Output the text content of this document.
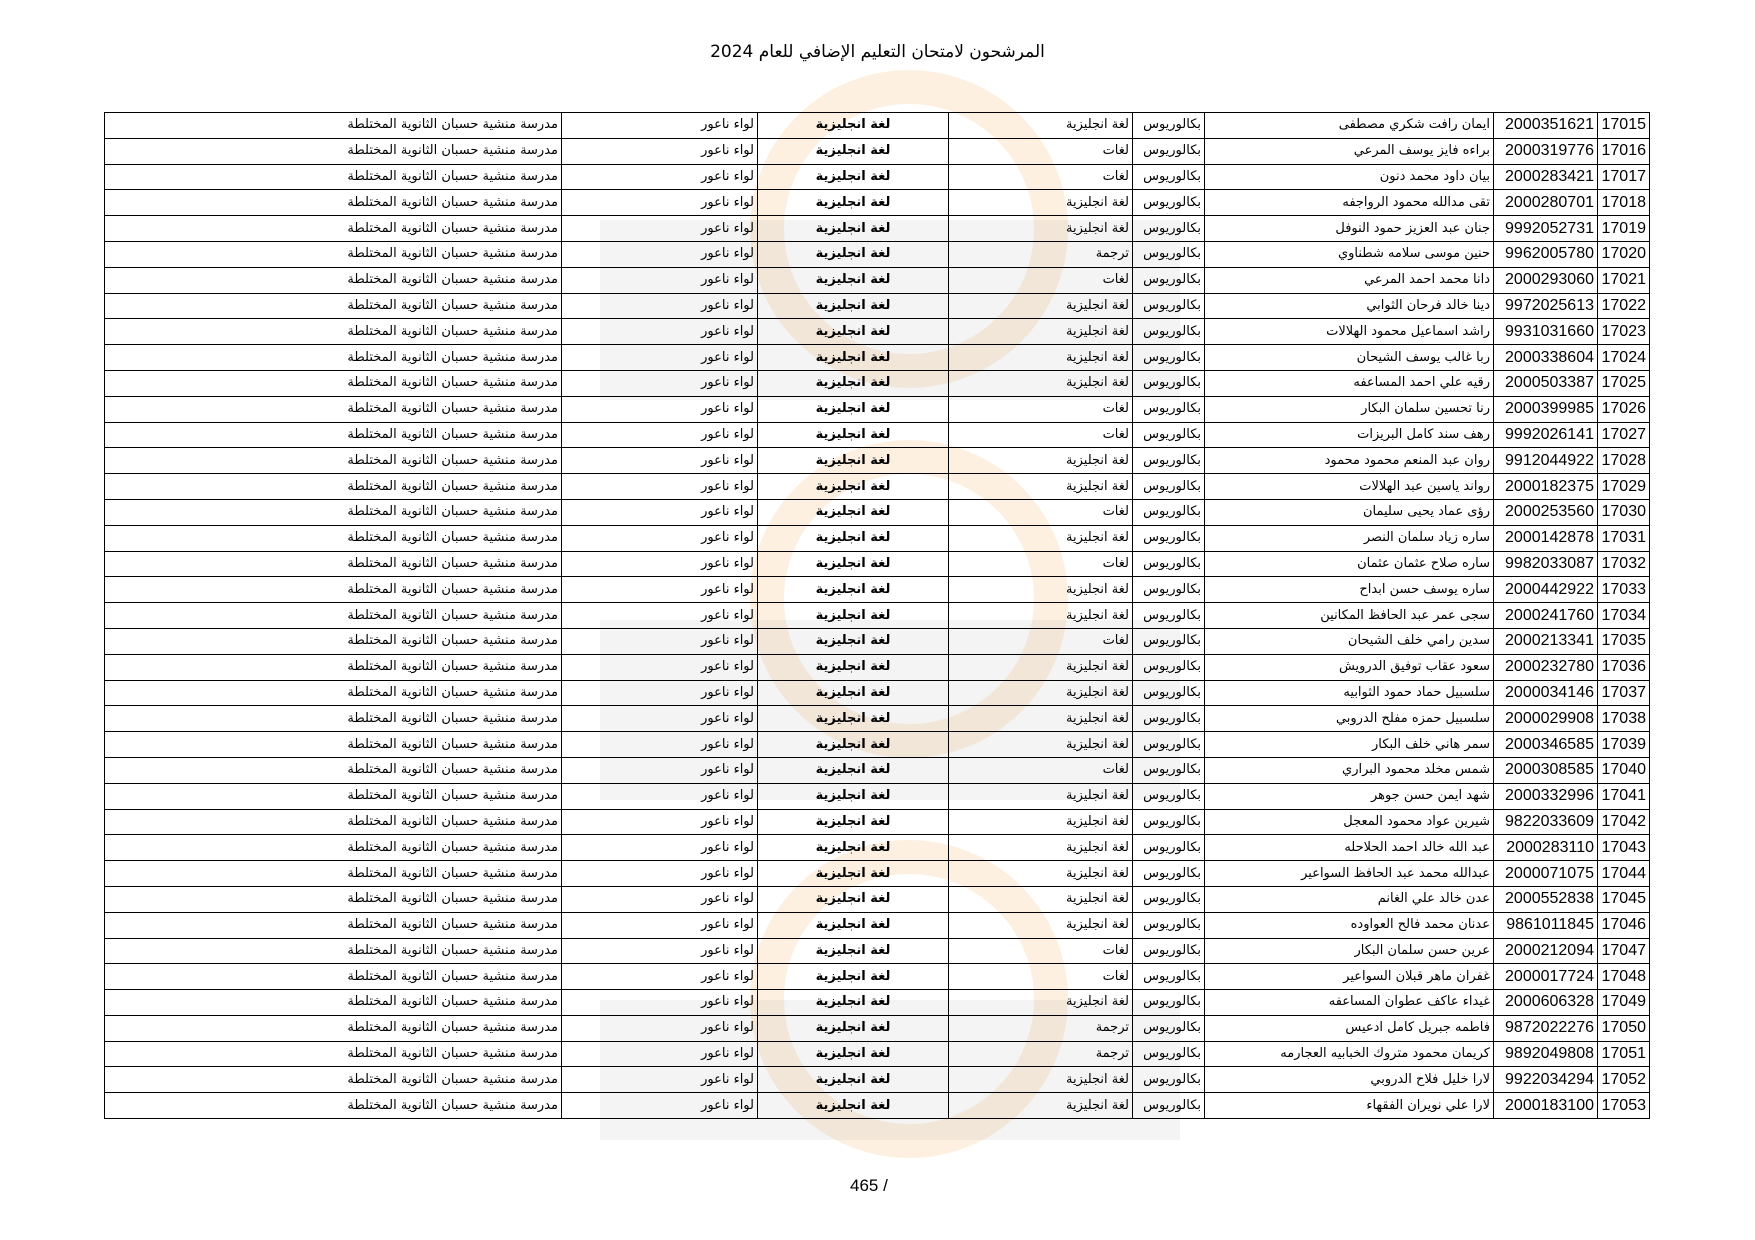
المرشحون لامتحان التعليم الإضافي للعام 2024
17015	2000351621	ايمان رافت شكري مصطفى	بكالوريوس	لغة انجليزية	لغة انجليزية	لواء ناعور	مدرسة منشية حسبان الثانوية المختلطة
17016	2000319776	براءه فايز يوسف المرعي	بكالوريوس	لغات	لغة انجليزية	لواء ناعور	مدرسة منشية حسبان الثانوية المختلطة
17017	2000283421	بيان داود محمد دنون	بكالوريوس	لغات	لغة انجليزية	لواء ناعور	مدرسة منشية حسبان الثانوية المختلطة
17018	2000280701	تقى مدالله محمود الرواجفه	بكالوريوس	لغة انجليزية	لغة انجليزية	لواء ناعور	مدرسة منشية حسبان الثانوية المختلطة
17019	9992052731	جنان عبد العزيز حمود النوفل	بكالوريوس	لغة انجليزية	لغة انجليزية	لواء ناعور	مدرسة منشية حسبان الثانوية المختلطة
17020	9962005780	حنين موسى سلامه شطناوي	بكالوريوس	ترجمة	لغة انجليزية	لواء ناعور	مدرسة منشية حسبان الثانوية المختلطة
17021	2000293060	دانا محمد احمد المرعي	بكالوريوس	لغات	لغة انجليزية	لواء ناعور	مدرسة منشية حسبان الثانوية المختلطة
17022	9972025613	دينا خالد فرحان الثوابي	بكالوريوس	لغة انجليزية	لغة انجليزية	لواء ناعور	مدرسة منشية حسبان الثانوية المختلطة
17023	9931031660	راشد اسماعيل محمود الهلالات	بكالوريوس	لغة انجليزية	لغة انجليزية	لواء ناعور	مدرسة منشية حسبان الثانوية المختلطة
17024	2000338604	ربا غالب يوسف الشيحان	بكالوريوس	لغة انجليزية	لغة انجليزية	لواء ناعور	مدرسة منشية حسبان الثانوية المختلطة
17025	2000503387	رقيه علي احمد المساعفه	بكالوريوس	لغة انجليزية	لغة انجليزية	لواء ناعور	مدرسة منشية حسبان الثانوية المختلطة
17026	2000399985	رنا تحسين سلمان البكار	بكالوريوس	لغات	لغة انجليزية	لواء ناعور	مدرسة منشية حسبان الثانوية المختلطة
17027	9992026141	رهف سند كامل البريزات	بكالوريوس	لغات	لغة انجليزية	لواء ناعور	مدرسة منشية حسبان الثانوية المختلطة
17028	9912044922	روان عبد المنعم محمود محمود	بكالوريوس	لغة انجليزية	لغة انجليزية	لواء ناعور	مدرسة منشية حسبان الثانوية المختلطة
17029	2000182375	رواند ياسين عبد الهلالات	بكالوريوس	لغة انجليزية	لغة انجليزية	لواء ناعور	مدرسة منشية حسبان الثانوية المختلطة
17030	2000253560	رؤى عماد يحيى سليمان	بكالوريوس	لغات	لغة انجليزية	لواء ناعور	مدرسة منشية حسبان الثانوية المختلطة
17031	2000142878	ساره زياد سلمان النصر	بكالوريوس	لغة انجليزية	لغة انجليزية	لواء ناعور	مدرسة منشية حسبان الثانوية المختلطة
17032	9982033087	ساره صلاح عثمان عثمان	بكالوريوس	لغات	لغة انجليزية	لواء ناعور	مدرسة منشية حسبان الثانوية المختلطة
17033	2000442922	ساره يوسف حسن ابداح	بكالوريوس	لغة انجليزية	لغة انجليزية	لواء ناعور	مدرسة منشية حسبان الثانوية المختلطة
17034	2000241760	سجى عمر عبد الحافظ المكانين	بكالوريوس	لغة انجليزية	لغة انجليزية	لواء ناعور	مدرسة منشية حسبان الثانوية المختلطة
17035	2000213341	سدين رامي خلف الشيحان	بكالوريوس	لغات	لغة انجليزية	لواء ناعور	مدرسة منشية حسبان الثانوية المختلطة
17036	2000232780	سعود عقاب توفيق الدرويش	بكالوريوس	لغة انجليزية	لغة انجليزية	لواء ناعور	مدرسة منشية حسبان الثانوية المختلطة
17037	2000034146	سلسبيل حماد حمود الثوابيه	بكالوريوس	لغة انجليزية	لغة انجليزية	لواء ناعور	مدرسة منشية حسبان الثانوية المختلطة
17038	2000029908	سلسبيل حمزه مفلح الدروبي	بكالوريوس	لغة انجليزية	لغة انجليزية	لواء ناعور	مدرسة منشية حسبان الثانوية المختلطة
17039	2000346585	سمر هاني خلف البكار	بكالوريوس	لغة انجليزية	لغة انجليزية	لواء ناعور	مدرسة منشية حسبان الثانوية المختلطة
17040	2000308585	شمس مخلد محمود البراري	بكالوريوس	لغات	لغة انجليزية	لواء ناعور	مدرسة منشية حسبان الثانوية المختلطة
17041	2000332996	شهد ايمن حسن جوهر	بكالوريوس	لغة انجليزية	لغة انجليزية	لواء ناعور	مدرسة منشية حسبان الثانوية المختلطة
17042	9822033609	شيرين عواد محمود المعجل	بكالوريوس	لغة انجليزية	لغة انجليزية	لواء ناعور	مدرسة منشية حسبان الثانوية المختلطة
17043	2000283110	عبد الله خالد احمد الحلاحله	بكالوريوس	لغة انجليزية	لغة انجليزية	لواء ناعور	مدرسة منشية حسبان الثانوية المختلطة
17044	2000071075	عبدالله محمد عبد الحافظ السواعير	بكالوريوس	لغة انجليزية	لغة انجليزية	لواء ناعور	مدرسة منشية حسبان الثانوية المختلطة
17045	2000552838	عدن خالد علي الغانم	بكالوريوس	لغة انجليزية	لغة انجليزية	لواء ناعور	مدرسة منشية حسبان الثانوية المختلطة
17046	9861011845	عدنان محمد فالح العواوده	بكالوريوس	لغة انجليزية	لغة انجليزية	لواء ناعور	مدرسة منشية حسبان الثانوية المختلطة
17047	2000212094	عرين حسن سلمان البكار	بكالوريوس	لغات	لغة انجليزية	لواء ناعور	مدرسة منشية حسبان الثانوية المختلطة
17048	2000017724	غفران ماهر قبلان السواعير	بكالوريوس	لغات	لغة انجليزية	لواء ناعور	مدرسة منشية حسبان الثانوية المختلطة
17049	2000606328	غيداء عاكف عطوان المساعفه	بكالوريوس	لغة انجليزية	لغة انجليزية	لواء ناعور	مدرسة منشية حسبان الثانوية المختلطة
17050	9872022276	فاطمه جبريل كامل ادعيس	بكالوريوس	ترجمة	لغة انجليزية	لواء ناعور	مدرسة منشية حسبان الثانوية المختلطة
17051	9892049808	كريمان محمود متروك الخبابيه العجارمه	بكالوريوس	ترجمة	لغة انجليزية	لواء ناعور	مدرسة منشية حسبان الثانوية المختلطة
17052	9922034294	لارا خليل فلاح الدروبي	بكالوريوس	لغة انجليزية	لغة انجليزية	لواء ناعور	مدرسة منشية حسبان الثانوية المختلطة
17053	2000183100	لارا علي نويران الفقهاء	بكالوريوس	لغة انجليزية	لغة انجليزية	لواء ناعور	مدرسة منشية حسبان الثانوية المختلطة
465 /
